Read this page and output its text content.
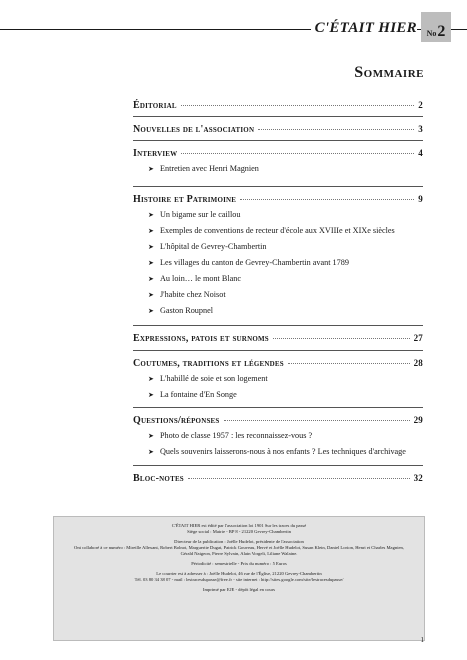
C'ÉTAIT HIER No 2
Sommaire
Éditorial	2
Nouvelles de l'association	3
Interview	4
➤ Entretien avec Henri Magnien
Histoire et Patrimoine	9
➤ Un bigame sur le caillou
➤ Exemples de conventions de recteur d'école aux XVIIIe et XIXe siècles
➤ L'hôpital de Gevrey-Chambertin
➤ Les villages du canton de Gevrey-Chambertin avant 1789
➤ Au loin… le mont Blanc
➤ J'habite chez Noisot
➤ Gaston Roupnel
Expressions, patois et surnoms	27
Coutumes, traditions et légendes	28
➤ L'habillé de soie et son logement
➤ La fontaine d'En Songe
Questions/réponses	29
➤ Photo de classe 1957 : les reconnaissez-vous ?
➤ Quels souvenirs laisserons-nous à nos enfants ? Les techniques d'archivage
Bloc-notes	32

C'ÉTAIT HIER est édité par l'association loi 1901 Sur les traces du passé
Siège social : Mairie - BP 8 - 21220 Gevrey-Chambertin

Directeur de la publication : Joëlle Hudelot, présidente de l'association
Ont collaboré à ce numéro : Mireille Allexant, Robert Bolnot, Marguerite Dugat, Patrick Gouveau, Hervé et Joëlle Hudelot, Susan Klein, Daniel Lorion, Henri et Charles Magnien, Gérald Naigeon, Pierre Sylvain, Alain Vorgeli, Liliane Walaine.

Périodicité : semestrielle - Prix du numéro : 5 Euros

Le courrier est à adresser à : Joëlle Hudelot, 46 rue de l'Église, 21220 Gevrey-Chambertin
Tél. 03 80 34 38 07 - mail : lestracesdupasse@free.fr - site internet : http://sites.google.com/site/lestracesdupasse/

Imprimé par EJE - dépôt légal en cours

1
